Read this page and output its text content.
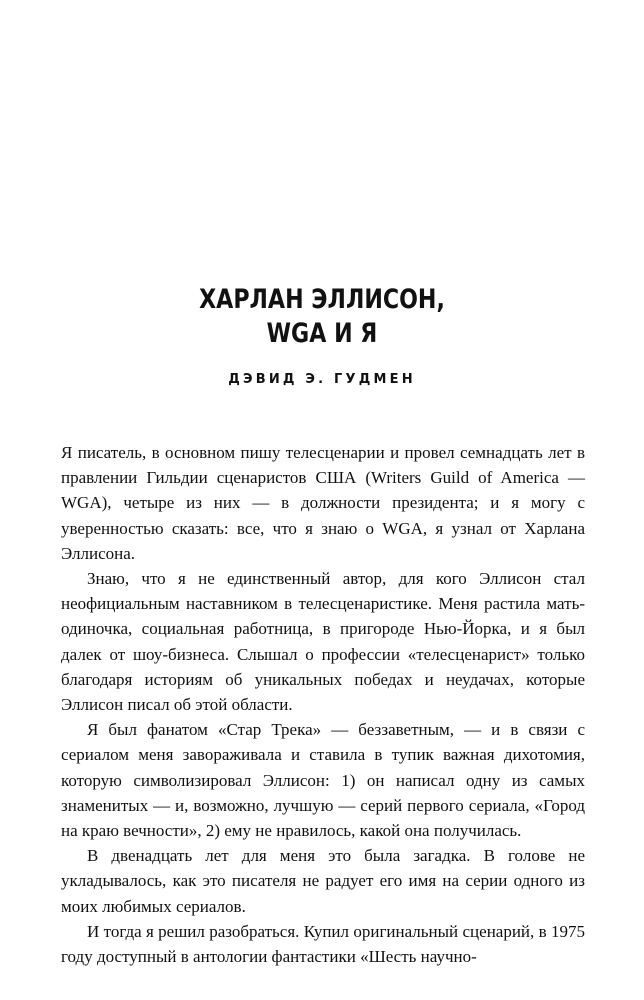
ХАРЛАН ЭЛЛИСОН,
WGA И Я
ДЭВИД Э. ГУДМЕН

Я писатель, в основном пишу телесценарии и провел семнадцать лет в правлении Гильдии сценаристов США (Writers Guild of America — WGA), четыре из них — в должности президента; и я могу с уверенностью сказать: все, что я знаю о WGA, я узнал от Харлана Эллисона.

Знаю, что я не единственный автор, для кого Эллисон стал неофициальным наставником в телесценаристике. Меня растила мать-одиночка, социальная работница, в пригороде Нью-Йорка, и я был далек от шоу-бизнеса. Слышал о профессии «телесценарист» только благодаря историям об уникальных победах и неудачах, которые Эллисон писал об этой области.

Я был фанатом «Стар Трека» — беззаветным, — и в связи с сериалом меня завораживала и ставила в тупик важная дихотомия, которую символизировал Эллисон: 1) он написал одну из самых знаменитых — и, возможно, лучшую — серий первого сериала, «Город на краю вечности», 2) ему не нравилось, какой она получилась.

В двенадцать лет для меня это была загадка. В голове не укладывалось, как это писателя не радует его имя на серии одного из моих любимых сериалов.

И тогда я решил разобраться. Купил оригинальный сценарий, в 1975 году доступный в антологии фантастики «Шесть научно-
